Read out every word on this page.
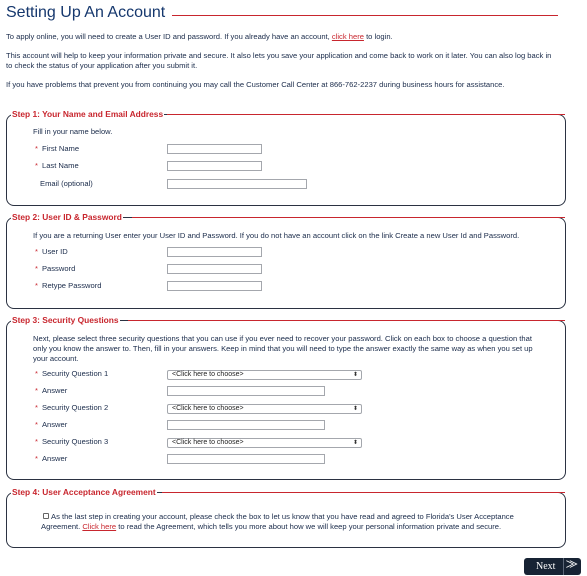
Setting Up An Account

To apply online, you will need to create a User ID and password. If you already have an account, click here to login.

This account will help to keep your information private and secure. It also lets you save your application and come back to work on it later. You can also log back in to check the status of your application after you submit it.

If you have problems that prevent you from continuing you may call the Customer Call Center at 866-762-2237 during business hours for assistance.

Step 1: Your Name and Email Address

Fill in your name below.

* First Name
* Last Name
Email (optional)
Step 2: User ID & Password

If you are a returning User enter your User ID and Password. If you do not have an account click on the link Create a new User Id and Password.

* User ID
* Password
* Retype Password
Step 3: Security Questions

Next, please select three security questions that you can use if you ever need to recover your password. Click on each box to choose a question that only you know the answer to. Then, fill in your answers. Keep in mind that you will need to type the answer exactly the same way as when you set up your account.

* Security Question 1	<Click here to choose>	⬍
* Answer
* Security Question 2	<Click here to choose>	⬍
* Answer
* Security Question 3	<Click here to choose>	⬍
* Answer
Step 4: User Acceptance Agreement

As the last step in creating your account, please check the box to let us know that you have read and agreed to Florida's User Acceptance Agreement. Click here to read the Agreement, which tells you more about how we will keep your personal information private and secure.

Next ⨠
